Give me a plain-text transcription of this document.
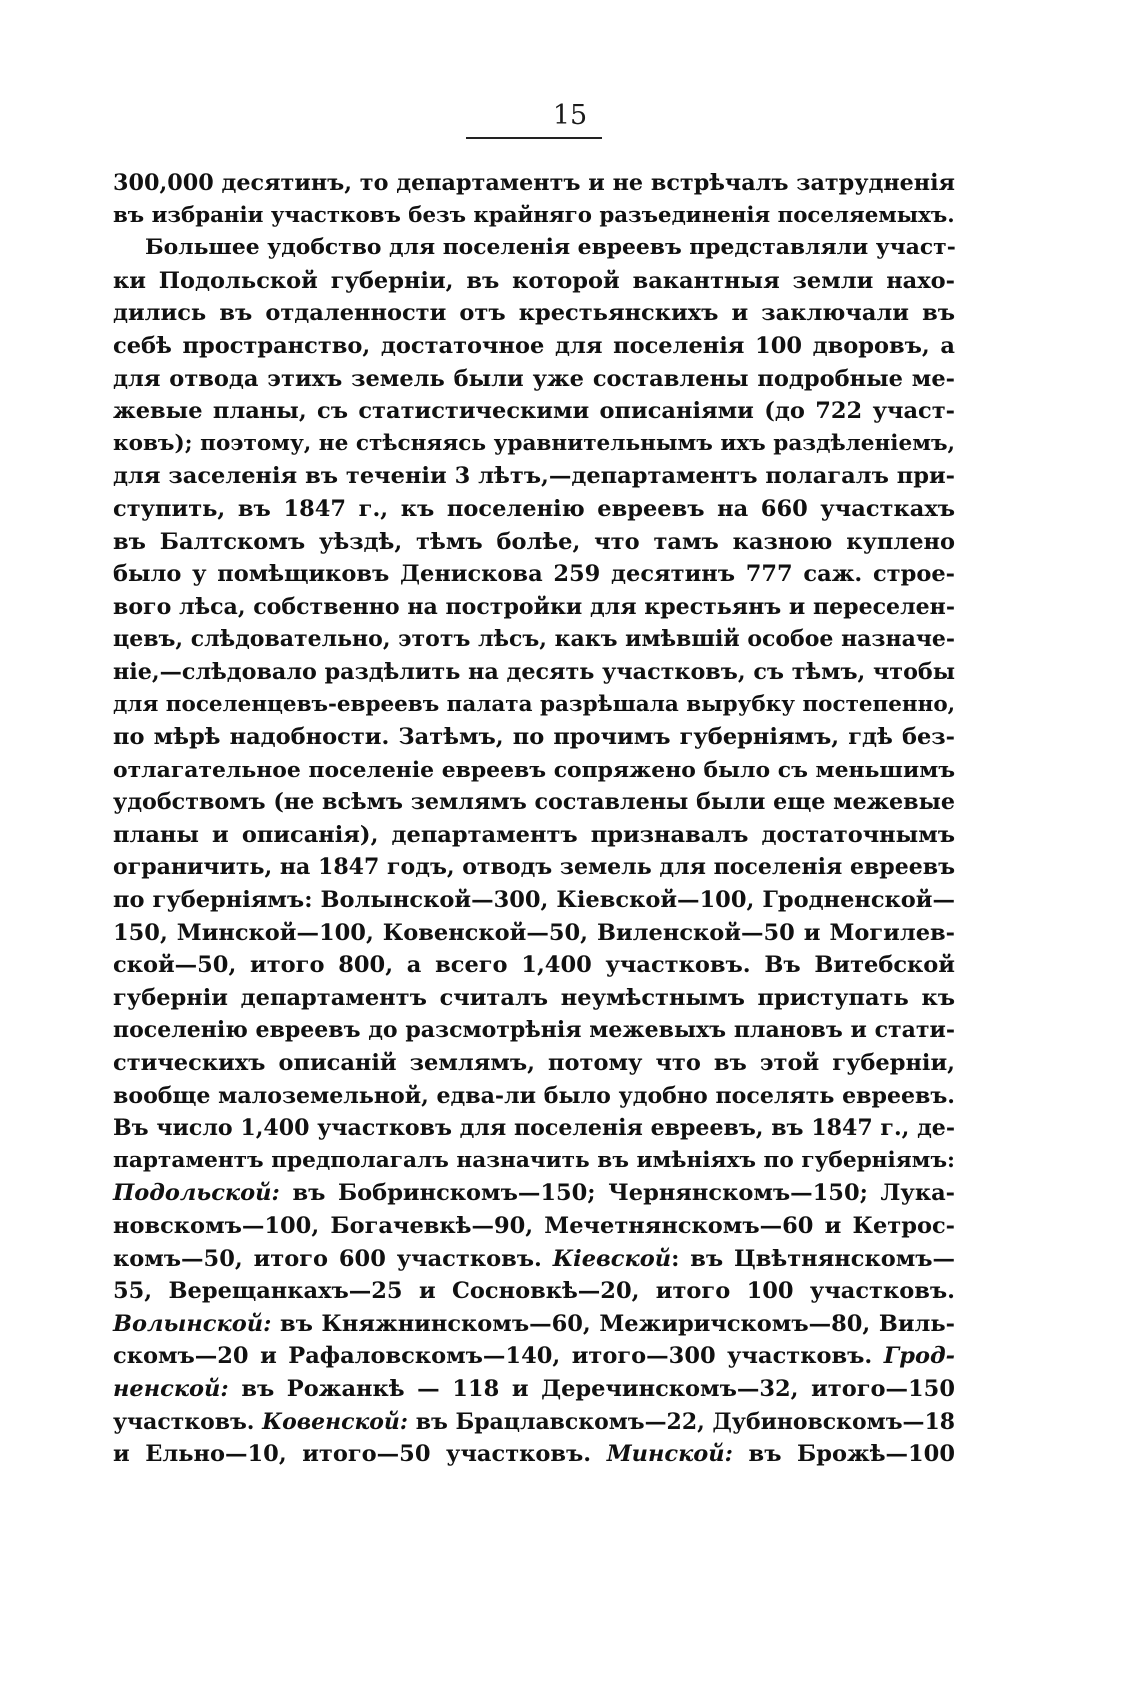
15
300,000 десятинъ, то департаментъ и не встрѣчалъ затрудненія
въ избраніи участковъ безъ крайняго разъединенія поселяемыхъ.
Большее удобство для поселенія евреевъ представляли участ-
ки Подольской губерніи, въ которой вакантныя земли нахо-
дились въ отдаленности отъ крестьянскихъ и заключали въ
себѣ пространство, достаточное для поселенія 100 дворовъ, а
для отвода этихъ земель были уже составлены подробные ме-
жевые планы, съ статистическими описаніями (до 722 участ-
ковъ); поэтому, не стѣсняясь уравнительнымъ ихъ раздѣленіемъ,
для заселенія въ теченіи 3 лѣтъ,—департаментъ полагалъ при-
ступить, въ 1847 г., къ поселенію евреевъ на 660 участкахъ
въ Балтскомъ уѣздѣ, тѣмъ болѣе, что тамъ казною куплено
было у помѣщиковъ Денискова 259 десятинъ 777 саж. строе-
вого лѣса, собственно на постройки для крестьянъ и переселен-
цевъ, слѣдовательно, этотъ лѣсъ, какъ имѣвшій особое назначе-
ніе,—слѣдовало раздѣлить на десять участковъ, съ тѣмъ, чтобы
для поселенцевъ-евреевъ палата разрѣшала вырубку постепенно,
по мѣрѣ надобности. Затѣмъ, по прочимъ губерніямъ, гдѣ без-
отлагательное поселеніе евреевъ сопряжено было съ меньшимъ
удобствомъ (не всѣмъ землямъ составлены были еще межевые
планы и описанія), департаментъ признавалъ достаточнымъ
ограничить, на 1847 годъ, отводъ земель для поселенія евреевъ
по губерніямъ: Волынской—300, Кіевской—100, Гродненской—
150, Минской—100, Ковенской—50, Виленской—50 и Могилев-
ской—50, итого 800, а всего 1,400 участковъ. Въ Витебской
губерніи департаментъ считалъ неумѣстнымъ приступать къ
поселенію евреевъ до разсмотрѣнія межевыхъ плановъ и стати-
стическихъ описаній землямъ, потому что въ этой губерніи,
вообще малоземельной, едва-ли было удобно поселять евреевъ.
Въ число 1,400 участковъ для поселенія евреевъ, въ 1847 г., де-
партаментъ предполагалъ назначить въ имѣніяхъ по губерніямъ:
Подольской: въ Бобринскомъ—150; Чернянскомъ—150; Лука-
новскомъ—100, Богачевкѣ—90, Мечетнянскомъ—60 и Кетрос-
комъ—50, итого 600 участковъ. Кіевской: въ Цвѣтнянскомъ—
55, Верещанкахъ—25 и Сосновкѣ—20, итого 100 участковъ.
Волынской: въ Княжнинскомъ—60, Межиричскомъ—80, Виль-
скомъ—20 и Рафаловскомъ—140, итого—300 участковъ. Грод-
ненской: въ Рожанкѣ — 118 и Деречинскомъ—32, итого—150
участковъ. Ковенской: въ Брацлавскомъ—22, Дубиновскомъ—18
и Ельно—10, итого—50 участковъ. Минской: въ Брожѣ—100
